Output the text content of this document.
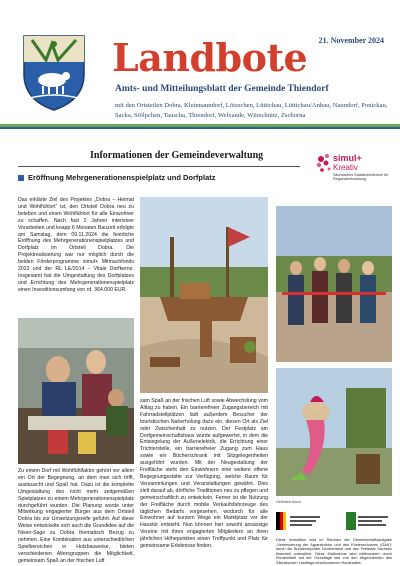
21. November 2024
Landbote
Amts- und Mitteilungsblatt der Gemeinde Thiendorf
mit den Ortsteilen Dobra, Kleinnaundorf, Lötzschen, Lüttichau, Lüttichau/Anbau, Naundorf, Ponickau, Sacka, Stölpchen, Tauscha, Thiendorf, Welxande, Würschnitz, Zschorna
Informationen der Gemeindeverwaltung	simul+
Kreativ
Sächsisches Staatsministerium für Regionalentwicklung
Eröffnung Mehrgenerationenspielplatz und Dorfplatz
Das erklärte Ziel des Projektes „Dobra – Heimat und Wohlfühlort“ ist, den Ortsteil Dobra neu zu beleben und einen Wohlfühlort für alle Einwohner zu schaffen. Nach fast 2 Jahren intensiver Vorarbeiten und knapp 6 Monaten Bauzeit erfolgte am Samstag, dem 09.11.2024 die feierliche Eröffnung des Mehrgenerationenspielplatzes und Dorfplatz im Ortsteil Dobra. Die Projektrealisierung war nur möglich durch die beiden Förderprogramme simul+ Mitmachfonds 2022 und der RL LE/2014 – Vitale Dorfkerne. Insgesamt hat die Umgestaltung des Dorfplatzes und Errichtung des Mehrgenerationenspielplatz einen Investitionsumfang von rd. 364.000 EUR.
Zu einem Dorf mit Wohlfühlfaktor gehört vor allem ein Ort der Begegnung, an dem man sich trifft, austauscht und Spaß hat. Dazu ist die komplette Umgestaltung des nicht mehr zeitgemäßen Spielplatzes zu einem Mehrgenerationenspielplatz durchgeführt wurden. Die Planung wurde unter Mitwirkung engagierter Bürger aus dem Ortsteil Dobra bis zur Umsetzungsreife geführt. Auf diese Weise entwickelte sich auch die Grundidee auf die Nixen-Sage zu Dobra thematisch Bezug zu nehmen. Eine Kombination aus unterschiedlichen Spielbereichen in Holzbauweise, bieten verschiedenen Altersgruppen die Möglichkeit, gemeinsam Spaß an der frischen Luft
sam Spaß an der frischen Luft sowie Abwechslung vom Alltag zu haben. Ein barrierefreier Zugangsbereich mit Fahrradstellplätzen lädt außerdem Besucher der touristischen Naherholung dazu ein, diesen Ort als Ziel oder Zwischenhalt zu nutzen. Der Festplatz am Dorfgemeinschaftshaus wurde aufgewertet, in dem die Entsiegelung der Außenelektrik, die Errichtung einer Trichterstelle, ein barrierefreier Zugang zum Haus sowie ein Bücherschrank mit Sitzgelegenheiten ausgeführt wurden. Mit der Neugestaltung der Freifläche steht den Einwohnern eine weitere offene Begegnungsstätte zur Verfügung, welche Raum für Versammlungen und Veranstaltungen gewährt. Dies zielt darauf ab, dörfliche Traditionen neu zu pflegen und gemeinschaftlich zu entwickeln. Ferner ist die Nutzung der Freifläche durch mobile Verkaufsfahrzeuge des täglichen Bedarfs vorgesehen, wodurch für alle Einwohner auf kurzem Wege ein Marktplatz vor der Haustür entsteht. Nun können hier sowohl ansässige Vereine mit ihren engagierten Mitgliedern an ihren jährlichen Höhepunkten einen Treffpunkt und Platz für gemeinsame Erlebnisse finden.
Gefördert durch
Diese Investition wird im Rahmen der Gemeinschaftsaufgabe „Verbesserung der Agrarstruktur und des Küstenschutzes (GAK)“ durch die Bundesrepublik Deutschland und den Freistaat Sachsen finanziell unterstützt. Diese Maßnahme wird mitfinanziert durch Steuermittel auf der Grundlage des von den Abgeordneten des Sächsischen Landtags beschlossenen Haushaltes.
